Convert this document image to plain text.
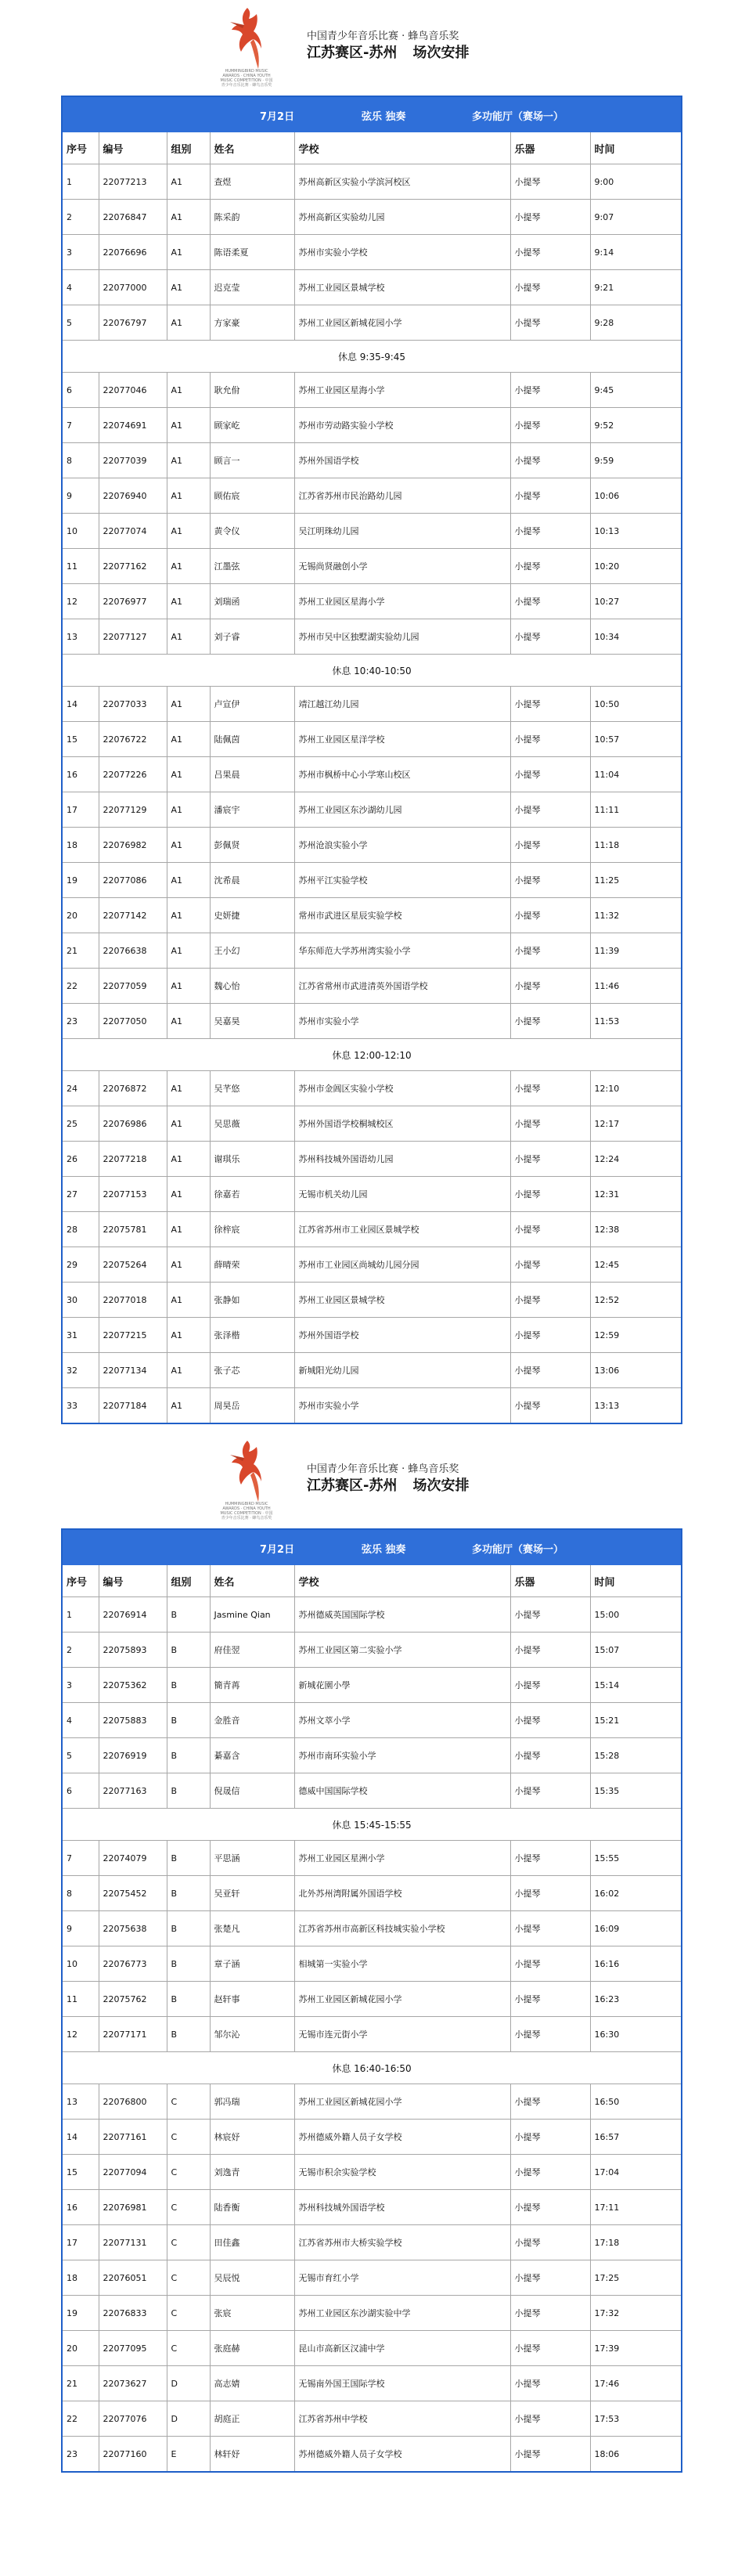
HUMMINGBIRD MUSIC AWARDS · CHINA YOUTH MUSIC COMPETITION · 中国青少年音乐比赛 · 蜂鸟音乐奖
中国青少年音乐比赛 · 蜂鸟音乐奖
江苏赛区-苏州 场次安排
7月2日 弦乐 独奏 多功能厅（赛场一）						

序号	编号	组别	姓名	学校	乐器	时间
1	22077213	A1	查煜	苏州高新区实验小学滨河校区	小提琴	9:00
2	22076847	A1	陈采韵	苏州高新区实验幼儿园	小提琴	9:07
3	22076696	A1	陈语柔夏	苏州市实验小学校	小提琴	9:14
4	22077000	A1	迟克莹	苏州工业园区景城学校	小提琴	9:21
5	22076797	A1	方家豪	苏州工业园区新城花园小学	小提琴	9:28
休息 9:35-9:45						
6	22077046	A1	耿允佾	苏州工业园区星海小学	小提琴	9:45
7	22074691	A1	顾家屹	苏州市劳动路实验小学校	小提琴	9:52
8	22077039	A1	顾言一	苏州外国语学校	小提琴	9:59
9	22076940	A1	顾佑宸	江苏省苏州市民治路幼儿园	小提琴	10:06
10	22077074	A1	黄令仪	吴江明珠幼儿园	小提琴	10:13
11	22077162	A1	江墨弦	无锡尚贤融创小学	小提琴	10:20
12	22076977	A1	刘瑞函	苏州工业园区星海小学	小提琴	10:27
13	22077127	A1	刘子睿	苏州市吴中区独墅湖实验幼儿园	小提琴	10:34
休息 10:40-10:50						
14	22077033	A1	卢宣伊	靖江越江幼儿园	小提琴	10:50
15	22076722	A1	陆佩茵	苏州工业园区星洋学校	小提琴	10:57
16	22077226	A1	吕果晨	苏州市枫桥中心小学寒山校区	小提琴	11:04
17	22077129	A1	潘宸宇	苏州工业园区东沙湖幼儿园	小提琴	11:11
18	22076982	A1	彭佩贤	苏州沧浪实验小学	小提琴	11:18
19	22077086	A1	沈希晨	苏州平江实验学校	小提琴	11:25
20	22077142	A1	史妍捷	常州市武进区星辰实验学校	小提琴	11:32
21	22076638	A1	王小幻	华东师范大学苏州湾实验小学	小提琴	11:39
22	22077059	A1	魏心怡	江苏省常州市武进清英外国语学校	小提琴	11:46
23	22077050	A1	吴嘉昊	苏州市实验小学	小提琴	11:53
休息 12:00-12:10						
24	22076872	A1	吴芊悠	苏州市金阊区实验小学校	小提琴	12:10
25	22076986	A1	吴思薇	苏州外国语学校桐城校区	小提琴	12:17
26	22077218	A1	谢琪乐	苏州科技城外国语幼儿园	小提琴	12:24
27	22077153	A1	徐嘉若	无锡市机关幼儿园	小提琴	12:31
28	22075781	A1	徐梓宸	江苏省苏州市工业园区景城学校	小提琴	12:38
29	22075264	A1	薛晴荣	苏州市工业园区尚城幼儿园分园	小提琴	12:45
30	22077018	A1	张静如	苏州工业园区景城学校	小提琴	12:52
31	22077215	A1	张泽楷	苏州外国语学校	小提琴	12:59
32	22077134	A1	张子芯	新城阳光幼儿园	小提琴	13:06
33	22077184	A1	周昊岳	苏州市实验小学	小提琴	13:13
HUMMINGBIRD MUSIC AWARDS · CHINA YOUTH MUSIC COMPETITION · 中国青少年音乐比赛 · 蜂鸟音乐奖
中国青少年音乐比赛 · 蜂鸟音乐奖
江苏赛区-苏州 场次安排
7月2日 弦乐 独奏 多功能厅（赛场一）						

序号	编号	组别	姓名	学校	乐器	时间
1	22076914	B	Jasmine Qian	苏州德威英国国际学校	小提琴	15:00
2	22075893	B	府佳翌	苏州工业园区第二实验小学	小提琴	15:07
3	22075362	B	簡青苒	新城花園小學	小提琴	15:14
4	22075883	B	金胜音	苏州文萃小学	小提琴	15:21
5	22076919	B	綦嘉含	苏州市南环实验小学	小提琴	15:28
6	22077163	B	倪晟信	德威中国国际学校	小提琴	15:35
休息 15:45-15:55						
7	22074079	B	平思涵	苏州工业园区星洲小学	小提琴	15:55
8	22075452	B	吴亚轩	北外苏州湾附属外国语学校	小提琴	16:02
9	22075638	B	张楚凡	江苏省苏州市高新区科技城实验小学校	小提琴	16:09
10	22076773	B	章子涵	相城第一实验小学	小提琴	16:16
11	22075762	B	赵轩事	苏州工业园区新城花园小学	小提琴	16:23
12	22077171	B	邹尔沁	无锡市连元街小学	小提琴	16:30
休息 16:40-16:50						
13	22076800	C	郭冯瑞	苏州工业园区新城花园小学	小提琴	16:50
14	22077161	C	林宸妤	苏州德威外籍人员子女学校	小提琴	16:57
15	22077094	C	刘逸青	无锡市积余实验学校	小提琴	17:04
16	22076981	C	陆香衡	苏州科技城外国语学校	小提琴	17:11
17	22077131	C	田佳鑫	江苏省苏州市大桥实验学校	小提琴	17:18
18	22076051	C	吴辰悦	无锡市育红小学	小提琴	17:25
19	22076833	C	张宸	苏州工业园区东沙湖实验中学	小提琴	17:32
20	22077095	C	张庭赫	昆山市高新区汉浦中学	小提琴	17:39
21	22073627	D	高志婧	无锡南外国王国际学校	小提琴	17:46
22	22077076	D	胡庭正	江苏省苏州中学校	小提琴	17:53
23	22077160	E	林轩妤	苏州德威外籍人员子女学校	小提琴	18:06
